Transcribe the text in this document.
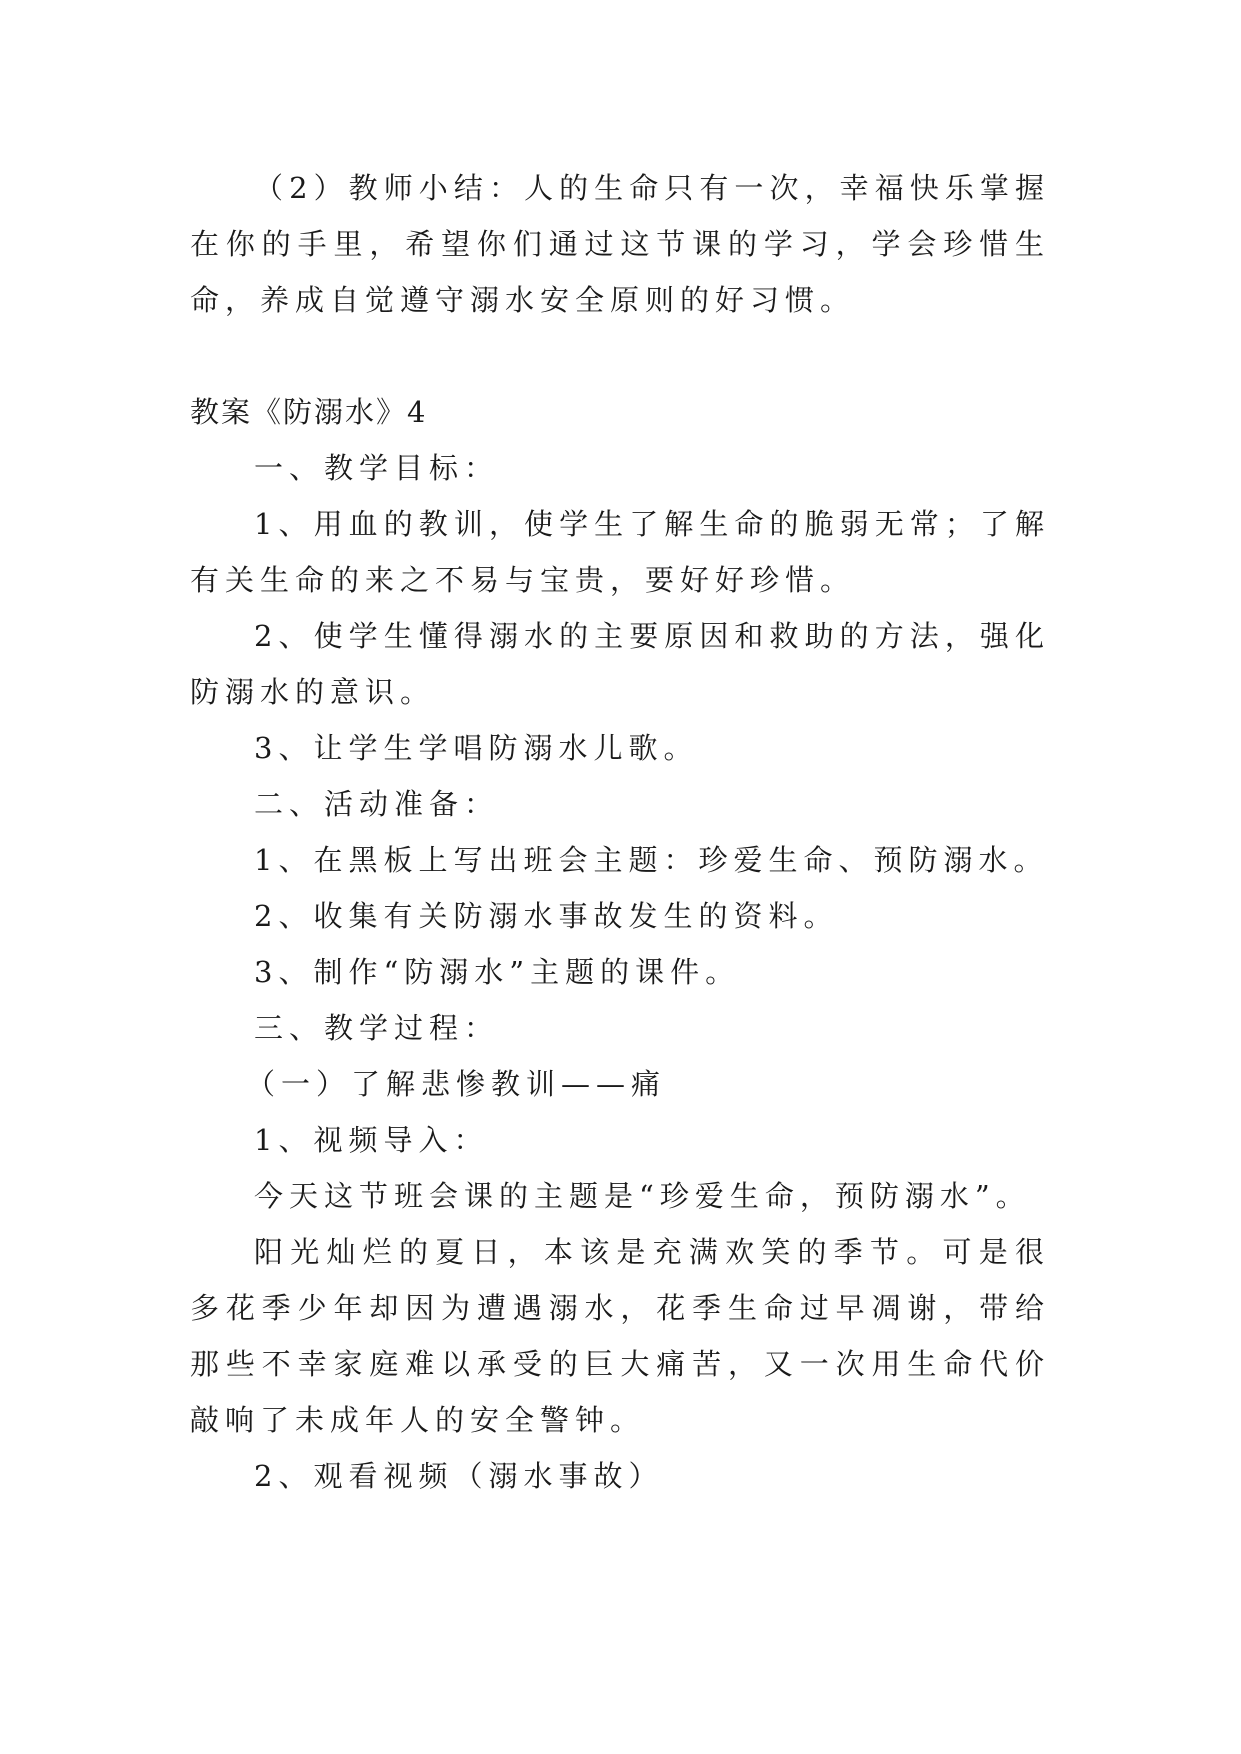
（2）教师小结：人的生命只有一次，幸福快乐掌握在你的手里，希望你们通过这节课的学习，学会珍惜生命，养成自觉遵守溺水安全原则的好习惯。

教案《防溺水》4

一、教学目标：

1、用血的教训，使学生了解生命的脆弱无常；了解有关生命的来之不易与宝贵，要好好珍惜。

2、使学生懂得溺水的主要原因和救助的方法，强化防溺水的意识。

3、让学生学唱防溺水儿歌。

二、活动准备：

1、在黑板上写出班会主题：珍爱生命、预防溺水。

2、收集有关防溺水事故发生的资料。

3、制作“防溺水”主题的课件。

三、教学过程：

（一）了解悲惨教训——痛

1、视频导入：

今天这节班会课的主题是“珍爱生命，预防溺水”。

阳光灿烂的夏日，本该是充满欢笑的季节。可是很多花季少年却因为遭遇溺水，花季生命过早凋谢，带给那些不幸家庭难以承受的巨大痛苦，又一次用生命代价敲响了未成年人的安全警钟。

2、观看视频（溺水事故）
